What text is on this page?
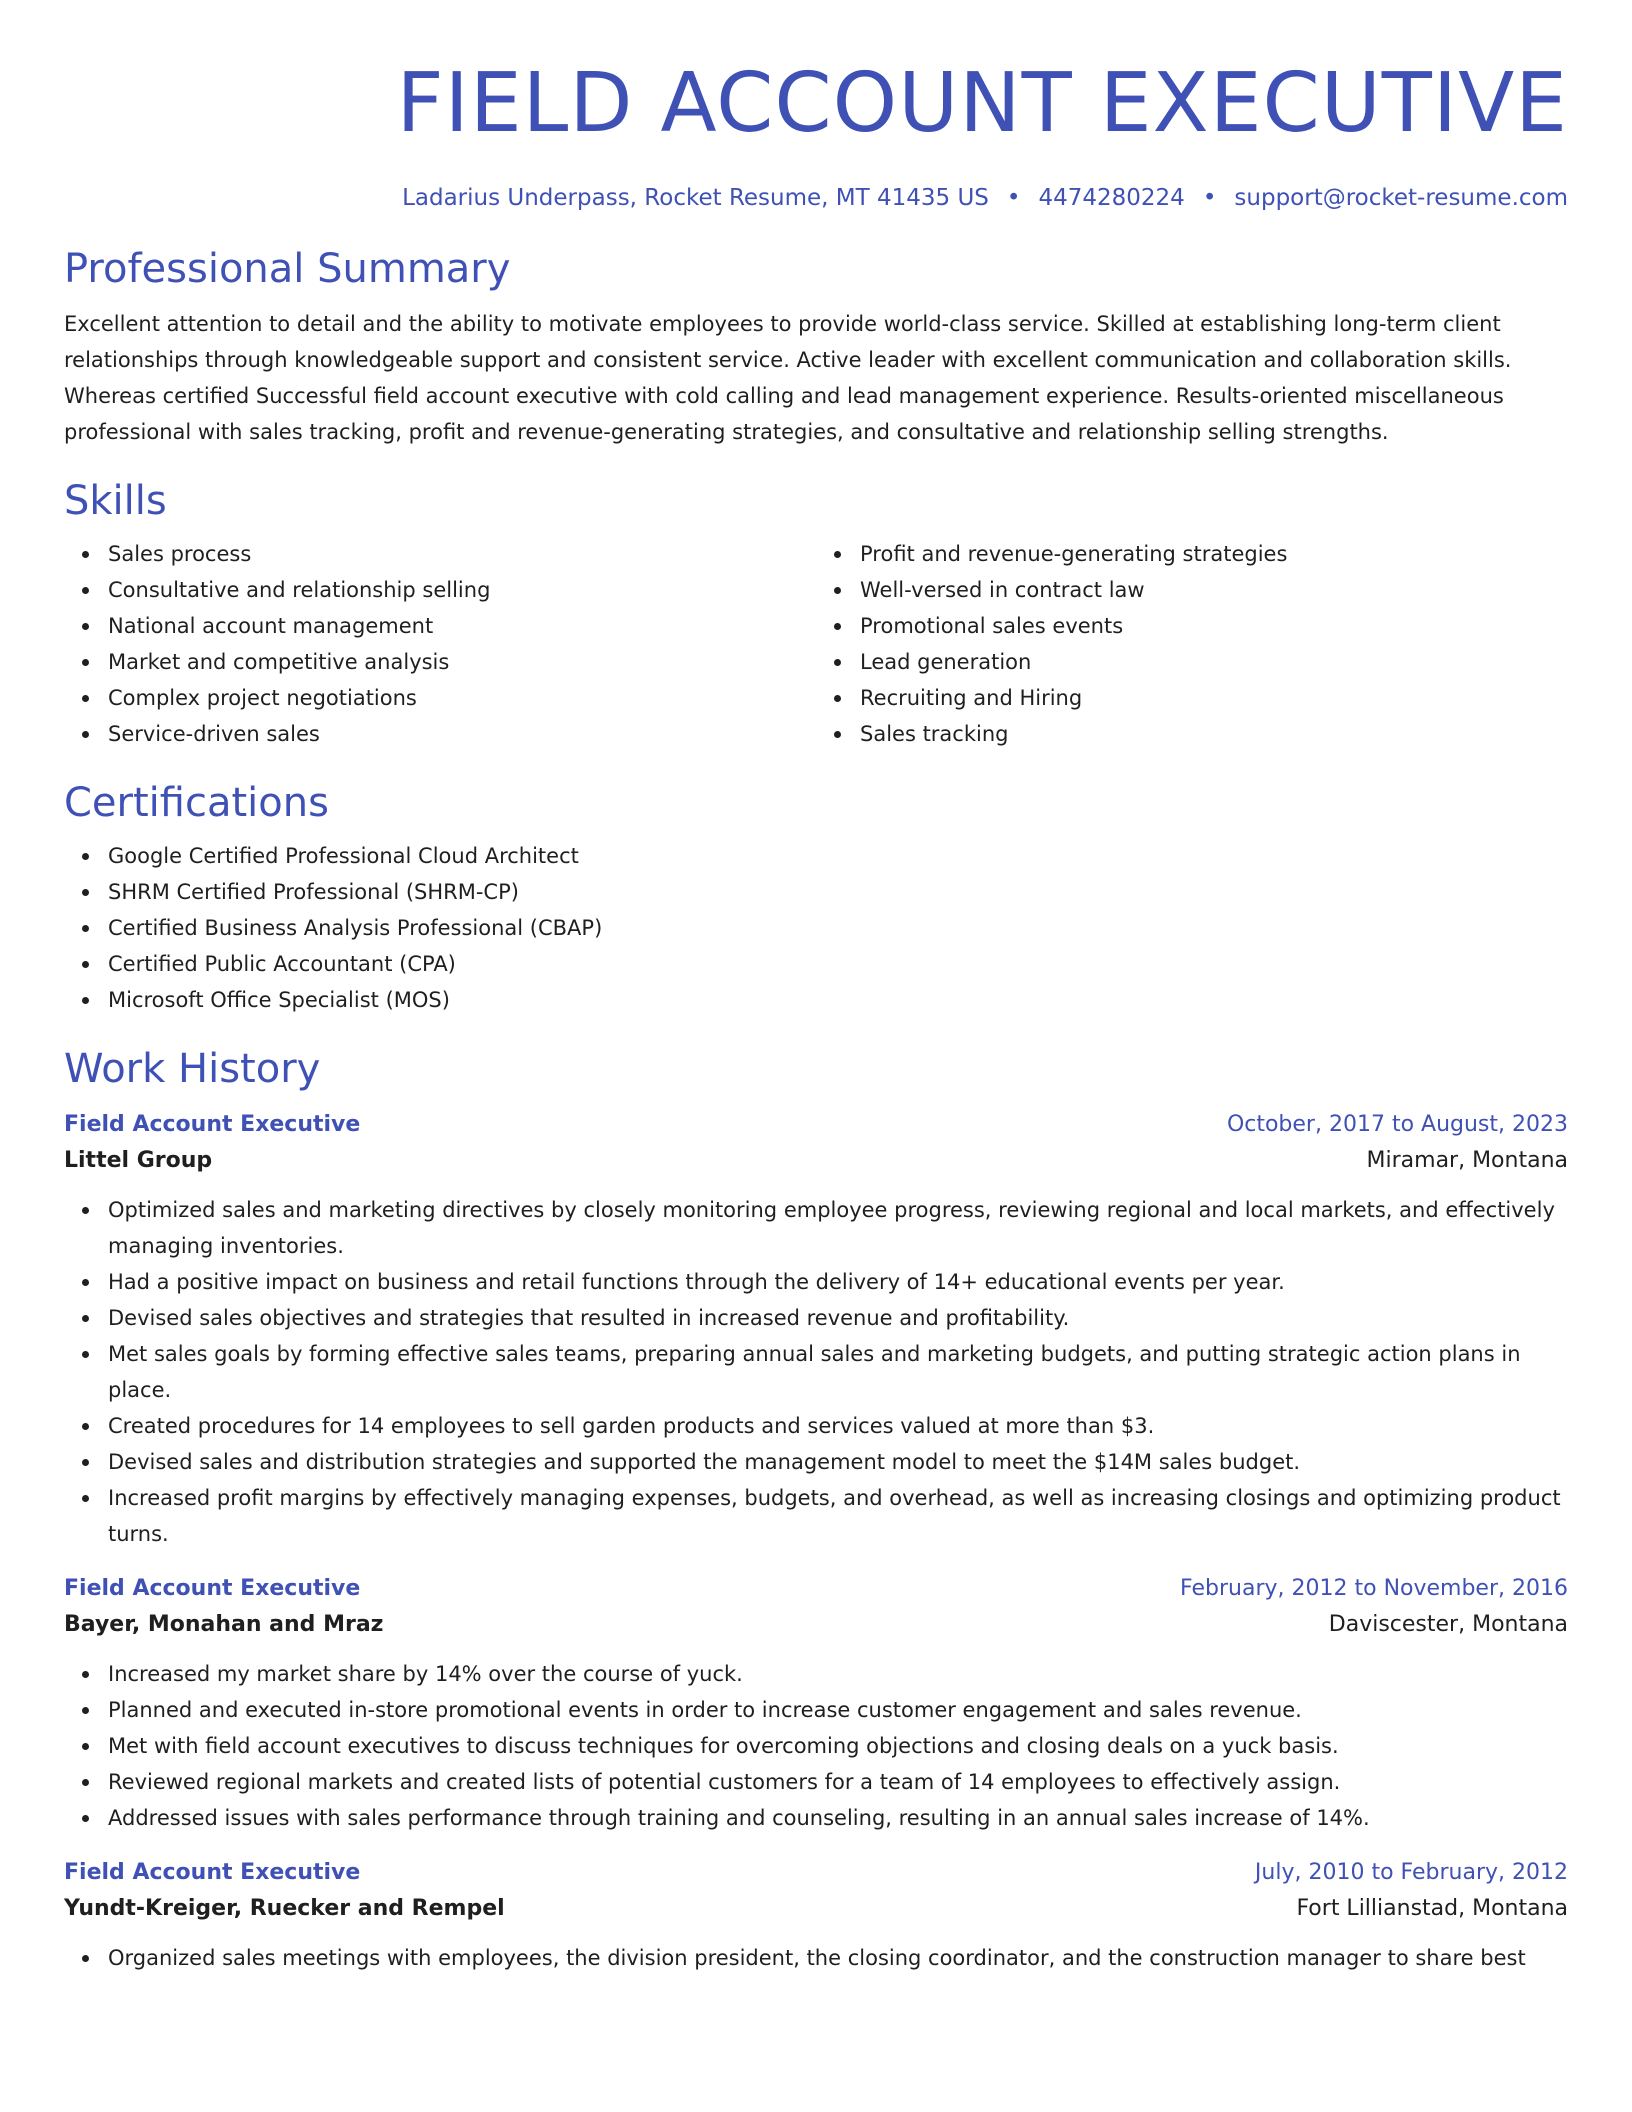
FIELD ACCOUNT EXECUTIVE
Ladarius Underpass, Rocket Resume, MT 41435 US • 4474280224 • support@rocket-resume.com
Professional Summary

Excellent attention to detail and the ability to motivate employees to provide world-class service. Skilled at establishing long-term client relationships through knowledgeable support and consistent service. Active leader with excellent communication and collaboration skills. Whereas certified Successful field account executive with cold calling and lead management experience. Results-oriented miscellaneous professional with sales tracking, profit and revenue-generating strategies, and consultative and relationship selling strengths.

Skills
Sales process
Consultative and relationship selling
National account management
Market and competitive analysis
Complex project negotiations
Service-driven sales
Profit and revenue-generating strategies
Well-versed in contract law
Promotional sales events
Lead generation
Recruiting and Hiring
Sales tracking
Certifications
Google Certified Professional Cloud Architect
SHRM Certified Professional (SHRM-CP)
Certified Business Analysis Professional (CBAP)
Certified Public Accountant (CPA)
Microsoft Office Specialist (MOS)
Work History
Field Account Executive	October, 2017 to August, 2023
Littel Group	Miramar, Montana
Optimized sales and marketing directives by closely monitoring employee progress, reviewing regional and local markets, and effectively managing inventories.
Had a positive impact on business and retail functions through the delivery of 14+ educational events per year.
Devised sales objectives and strategies that resulted in increased revenue and profitability.
Met sales goals by forming effective sales teams, preparing annual sales and marketing budgets, and putting strategic action plans in place.
Created procedures for 14 employees to sell garden products and services valued at more than $3.
Devised sales and distribution strategies and supported the management model to meet the $14M sales budget.
Increased profit margins by effectively managing expenses, budgets, and overhead, as well as increasing closings and optimizing product turns.
Field Account Executive	February, 2012 to November, 2016
Bayer, Monahan and Mraz	Daviscester, Montana
Increased my market share by 14% over the course of yuck.
Planned and executed in-store promotional events in order to increase customer engagement and sales revenue.
Met with field account executives to discuss techniques for overcoming objections and closing deals on a yuck basis.
Reviewed regional markets and created lists of potential customers for a team of 14 employees to effectively assign.
Addressed issues with sales performance through training and counseling, resulting in an annual sales increase of 14%.
Field Account Executive	July, 2010 to February, 2012
Yundt-Kreiger, Ruecker and Rempel	Fort Lillianstad, Montana
Organized sales meetings with employees, the division president, the closing coordinator, and the construction manager to share best
